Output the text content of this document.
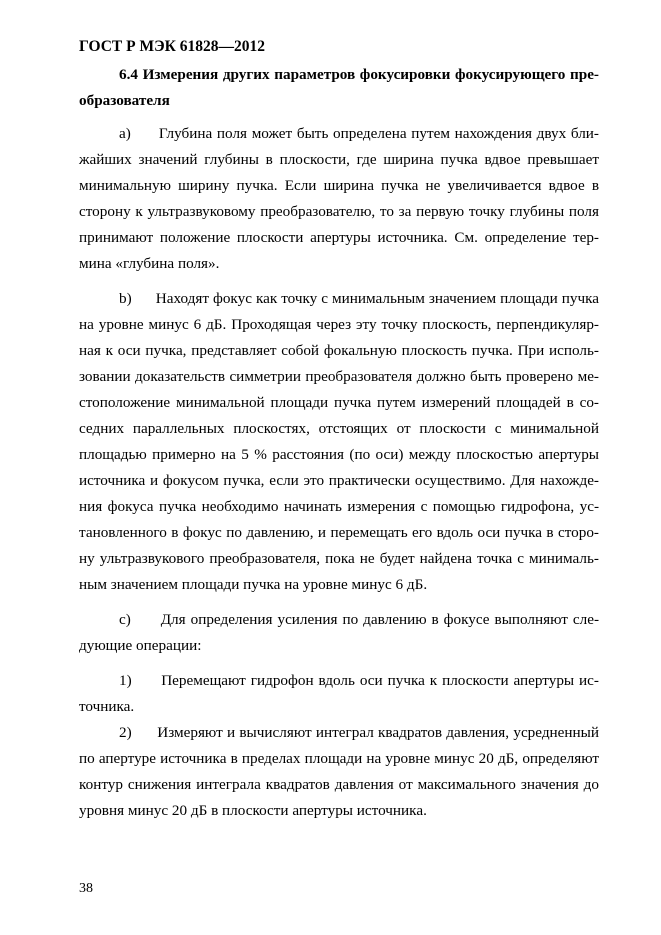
ГОСТ Р МЭК 61828—2012
6.4 Измерения других параметров фокусировки фокусирующего пре-
образователя
а)      Глубина поля может быть определена путем нахождения двух бли-
жайших значений глубины в плоскости, где ширина пучка вдвое превышает
минимальную ширину пучка. Если ширина пучка не увеличивается вдвое в
сторону к ультразвуковому преобразователю, то за первую точку глубины поля
принимают положение плоскости апертуры источника. См. определение тер-
мина «глубина поля».
b)      Находят фокус как точку с минимальным значением площади пучка
на уровне минус 6 дБ. Проходящая через эту точку плоскость, перпендикуляр-
ная к оси пучка, представляет собой фокальную плоскость пучка. При исполь-
зовании доказательств симметрии преобразователя должно быть проверено ме-
стоположение минимальной площади пучка путем измерений площадей в со-
седних параллельных плоскостях, отстоящих от плоскости с минимальной
площадью примерно на 5 % расстояния (по оси) между плоскостью апертуры
источника и фокусом пучка, если это практически осуществимо. Для нахожде-
ния фокуса пучка необходимо начинать измерения с помощью гидрофона, ус-
тановленного в фокус по давлению, и перемещать его вдоль оси пучка в сторо-
ну ультразвукового преобразователя, пока не будет найдена точка с минималь-
ным значением площади пучка на уровне минус 6 дБ.
с)      Для определения усиления по давлению в фокусе выполняют сле-
дующие операции:
1)      Перемещают гидрофон вдоль оси пучка к плоскости апертуры ис-
точника.
2)      Измеряют и вычисляют интеграл квадратов давления, усредненный
по апертуре источника в пределах площади на уровне минус 20 дБ, определяют
контур снижения интеграла квадратов давления от максимального значения до
уровня минус 20 дБ в плоскости апертуры источника.
38
